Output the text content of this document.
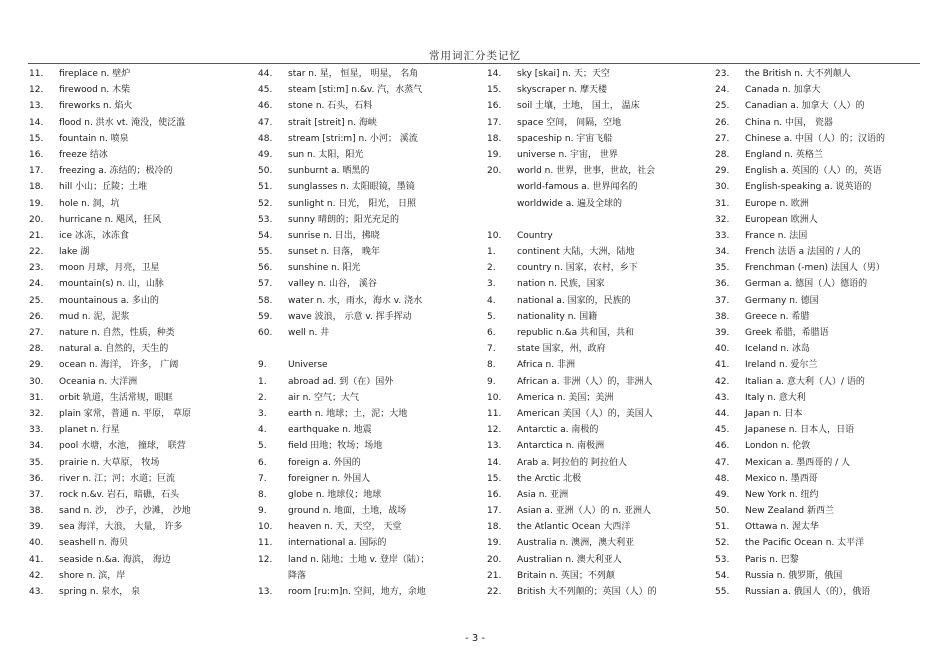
常用词汇分类记忆
11. fireplace n. 壁炉
12. firewood n. 木柴
13. fireworks n. 焰火
14. flood n. 洪水 vt. 淹没，使泛滥
15. fountain n. 喷泉
16. freeze 结冰
17. freezing a. 冻结的；极冷的
18. hill 小山；丘陵；土堆
19. hole n. 洞，坑
20. hurricane n. 飓风，狂风
21. ice 冰冻，冰冻食
22. lake 湖
23. moon 月球，月亮，卫星
24. mountain(s) n. 山，山脉
25. mountainous a. 多山的
26. mud n. 泥，泥浆
27. nature n. 自然，性质，种类
28. natural a. 自然的，天生的
29. ocean n. 海洋， 许多， 广阔
30. Oceania n. 大洋洲
31. orbit 轨道，生活常规，眼眶
32. plain 家常，普通 n. 平原， 草原
33. planet n. 行星
34. pool 水塘，水池， 撞球， 联营
35. prairie n. 大草原， 牧场
36. river n. 江；河；水道；巨流
37. rock n.&v. 岩石，暗礁，石头
38. sand n. 沙， 沙子，沙滩， 沙地
39. sea 海洋，大浪， 大量， 许多
40. seashell n. 海贝
41. seaside n.&a. 海滨， 海边
42. shore n. 滨，岸
43. spring n. 泉水， 泉
44. star n. 星， 恒星， 明星， 名角
45. steam [sti:m] n.&v. 汽，水蒸气
46. stone n. 石头，石料
47. strait [streit] n. 海峡
48. stream [stri:m] n. 小河； 溪流
49. sun n. 太阳，阳光
50. sunburnt a. 晒黑的
51. sunglasses n. 太阳眼镜，墨镜
52. sunlight n. 日光， 阳光， 日照
53. sunny 晴朗的；阳光充足的
54. sunrise n. 日出，拂晓
55. sunset n. 日落， 晚年
56. sunshine n. 阳光
57. valley n. 山谷， 溪谷
58. water n. 水，雨水，海水 v. 浇水
59. wave 波浪， 示意 v. 挥手挥动
60. well n. 井
9. Universe
1. abroad ad. 到（在）国外
2. air n. 空气；大气
3. earth n. 地球；土，泥；大地
4. earthquake n. 地震
5. field 田地；牧场；场地
6. foreign a. 外国的
7. foreigner n. 外国人
8. globe n. 地球仪；地球
9. ground n. 地面，土地，战场
10. heaven n. 天，天空， 天堂
11. international a. 国际的
12. land n. 陆地；土地 v. 登岸（陆）；
降落
13. room [ru:m]n. 空间，地方，余地
14. sky [skai] n. 天；天空
15. skyscraper n. 摩天楼
16. soil 土壤，土地， 国土， 温床
17. space 空间， 间隔，空地
18. spaceship n. 宇宙飞船
19. universe n. 宇宙， 世界
20. world n. 世界，世事，世故，社会
world-famous a. 世界闻名的
worldwide a. 遍及全球的
10. Country
1. continent 大陆，大洲，陆地
2. country n. 国家，农村，乡下
3. nation n. 民族，国家
4. national a. 国家的，民族的
5. nationality n. 国籍
6. republic n.&a 共和国，共和
7. state 国家，州，政府
8. Africa n. 非洲
9. African a. 非洲（人）的，非洲人
10. America n. 美国；美洲
11. American 美国（人）的，美国人
12. Antarctic a. 南极的
13. Antarctica n. 南极洲
14. Arab a. 阿拉伯的 阿拉伯人
15. the Arctic 北极
16. Asia n. 亚洲
17. Asian a. 亚洲（人）的 n. 亚洲人
18. the Atlantic Ocean 大西洋
19. Australia n. 澳洲，澳大利亚
20. Australian n. 澳大利亚人
21. Britain n. 英国；不列颠
22. British 大不列颠的；英国（人）的
23. the British n. 大不列颠人
24. Canada n. 加拿大
25. Canadian a. 加拿大（人）的
26. China n. 中国， 瓷器
27. Chinese a. 中国（人）的；汉语的
28. England n. 英格兰
29. English a. 英国的（人）的，英语
30. English-speaking a. 说英语的
31. Europe n. 欧洲
32. European 欧洲人
33. France n. 法国
34. French 法语 a 法国的 / 人的
35. Frenchman (-men) 法国人（男）
36. German a. 德国（人）德语的
37. Germany n. 德国
38. Greece n. 希腊
39. Greek 希腊，希腊语
40. Iceland n. 冰岛
41. Ireland n. 爱尔兰
42. Italian a. 意大利（人）/ 语的
43. Italy n. 意大利
44. Japan n. 日本
45. Japanese n. 日本人，日语
46. London n. 伦敦
47. Mexican a. 墨西哥的 / 人
48. Mexico n. 墨西哥
49. New York n. 纽约
50. New Zealand 新西兰
51. Ottawa n. 渥太华
52. the Pacific Ocean n. 太平洋
53. Paris n. 巴黎
54. Russia n. 俄罗斯，俄国
55. Russian a. 俄国人（的），俄语
- 3 -
